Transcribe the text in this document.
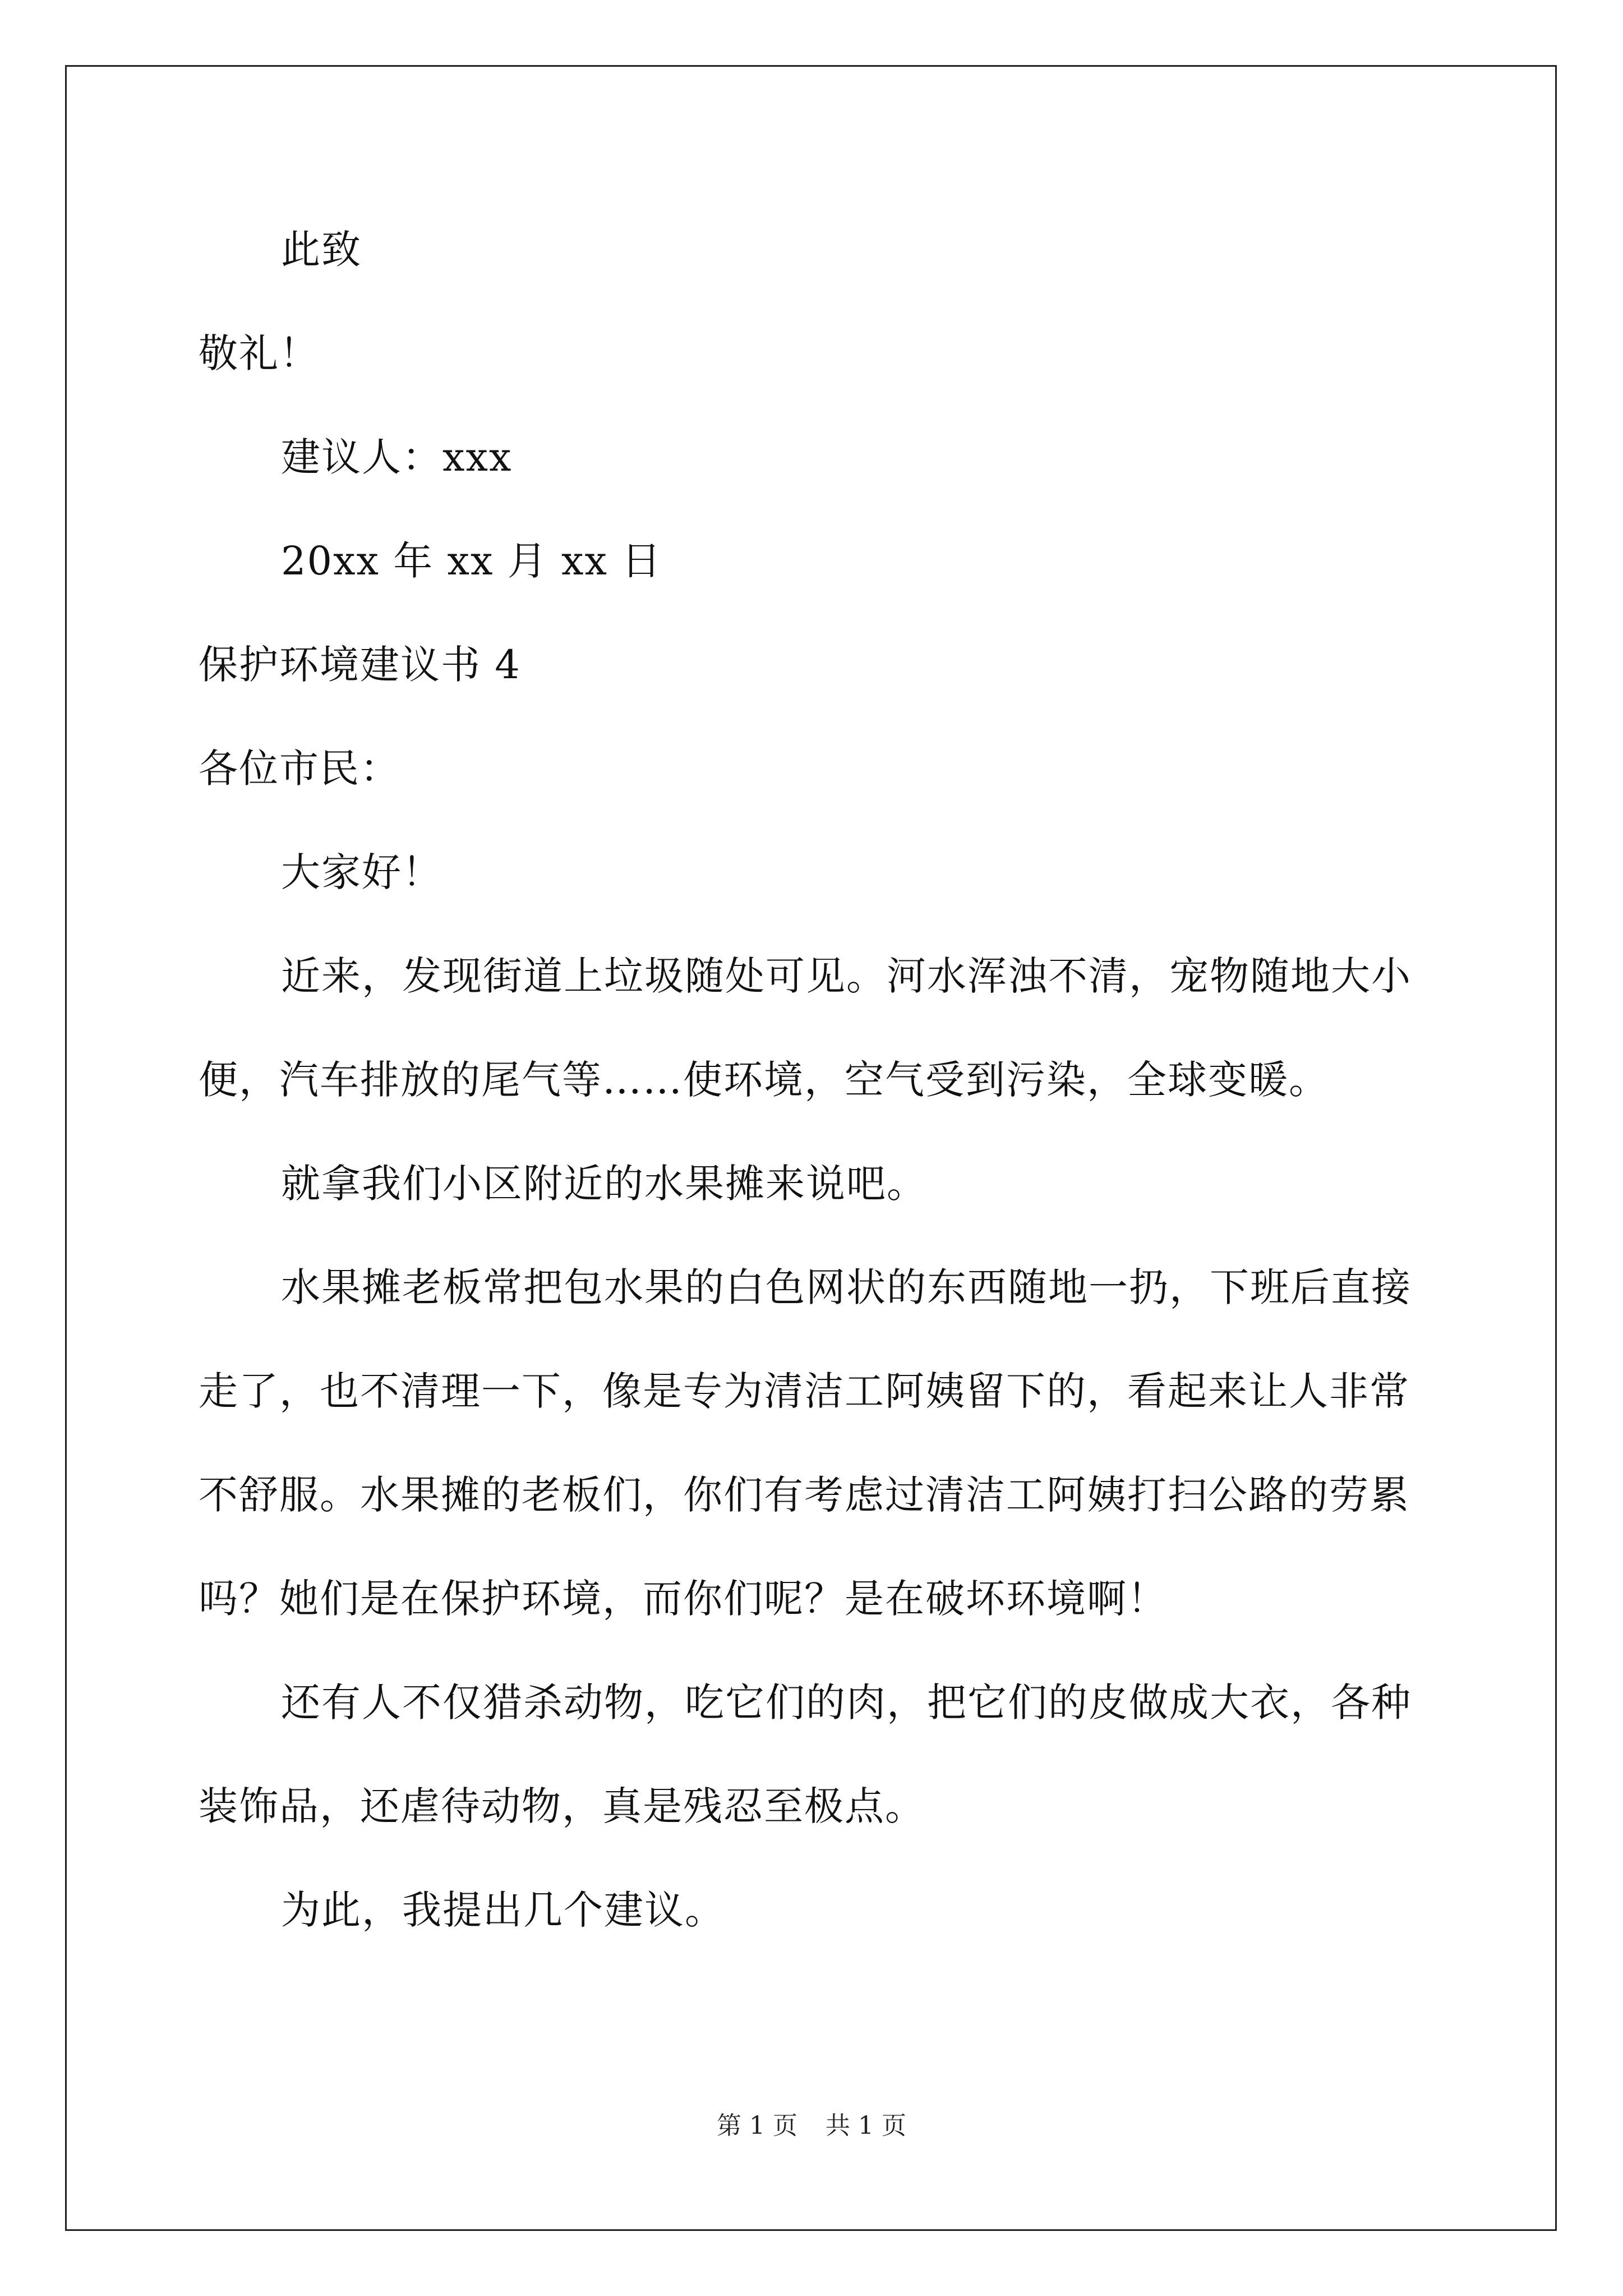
此致
敬礼！
建议人：xxx
20xx 年 xx 月 xx 日
保护环境建议书 4
各位市民：
大家好！
近来，发现街道上垃圾随处可见。河水浑浊不清，宠物随地大小
便，汽车排放的尾气等……使环境，空气受到污染，全球变暖。
就拿我们小区附近的水果摊来说吧。
水果摊老板常把包水果的白色网状的东西随地一扔，下班后直接
走了，也不清理一下，像是专为清洁工阿姨留下的，看起来让人非常
不舒服。水果摊的老板们，你们有考虑过清洁工阿姨打扫公路的劳累
吗？她们是在保护环境，而你们呢？是在破坏环境啊！
还有人不仅猎杀动物，吃它们的肉，把它们的皮做成大衣，各种
装饰品，还虐待动物，真是残忍至极点。
为此，我提出几个建议。
第 1 页 共 1 页
